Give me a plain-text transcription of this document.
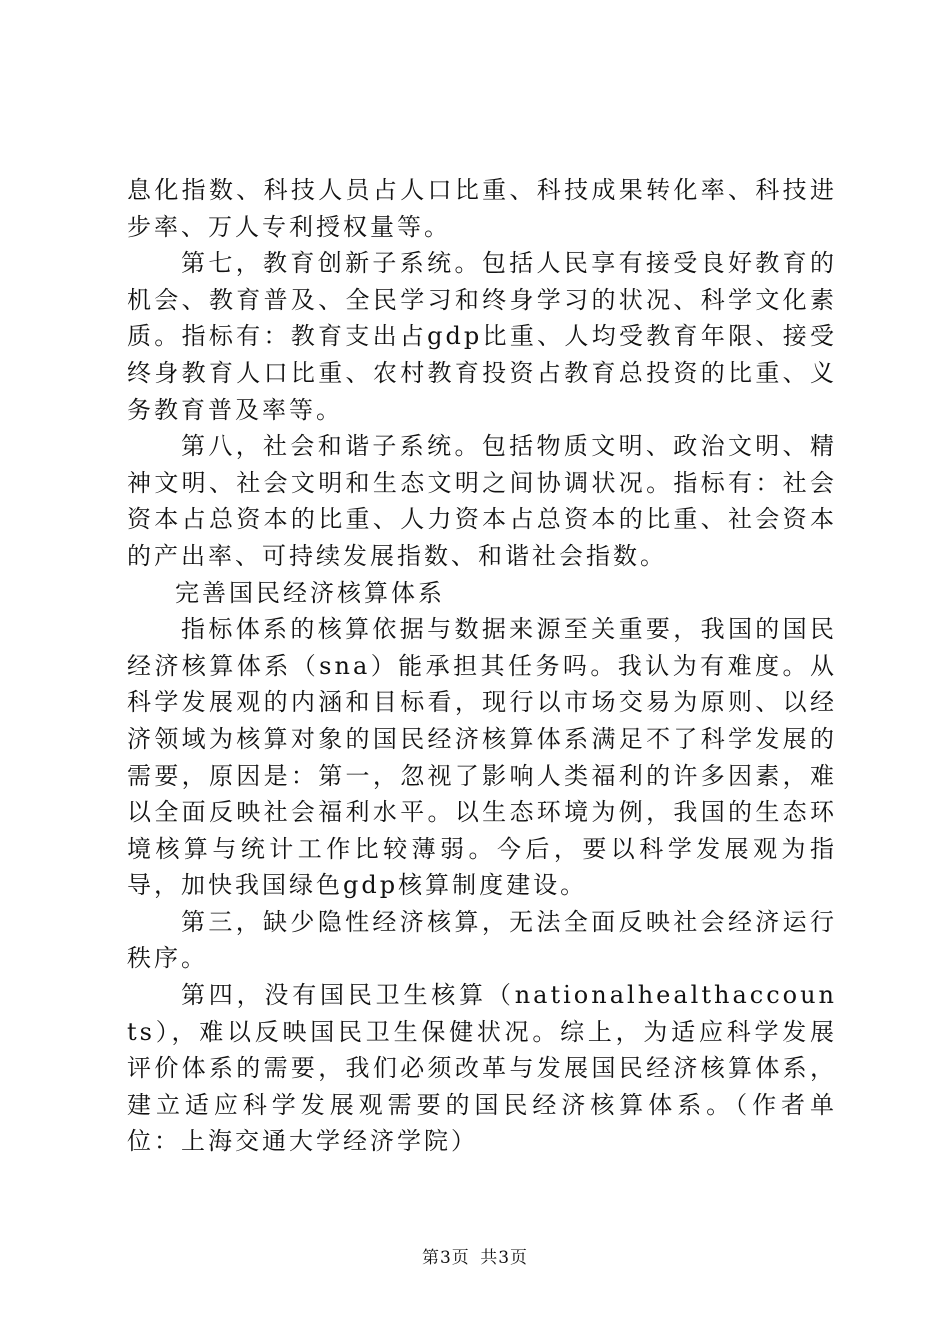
息化指数、科技人员占人口比重、科技成果转化率、科技进步率、万人专利授权量等。

第七，教育创新子系统。包括人民享有接受良好教育的机会、教育普及、全民学习和终身学习的状况、科学文化素质。指标有：教育支出占gdp比重、人均受教育年限、接受终身教育人口比重、农村教育投资占教育总投资的比重、义务教育普及率等。

第八，社会和谐子系统。包括物质文明、政治文明、精神文明、社会文明和生态文明之间协调状况。指标有：社会资本占总资本的比重、人力资本占总资本的比重、社会资本的产出率、可持续发展指数、和谐社会指数。

完善国民经济核算体系

指标体系的核算依据与数据来源至关重要，我国的国民经济核算体系（sna）能承担其任务吗。我认为有难度。从科学发展观的内涵和目标看，现行以市场交易为原则、以经济领域为核算对象的国民经济核算体系满足不了科学发展的需要，原因是：第一，忽视了影响人类福利的许多因素，难以全面反映社会福利水平。以生态环境为例，我国的生态环境核算与统计工作比较薄弱。今后，要以科学发展观为指导，加快我国绿色gdp核算制度建设。

第三，缺少隐性经济核算，无法全面反映社会经济运行秩序。

第四，没有国民卫生核算（nationalhealthaccounts），难以反映国民卫生保健状况。综上，为适应科学发展评价体系的需要，我们必须改革与发展国民经济核算体系，建立适应科学发展观需要的国民经济核算体系。（作者单位：上海交通大学经济学院）

第3页 共3页
